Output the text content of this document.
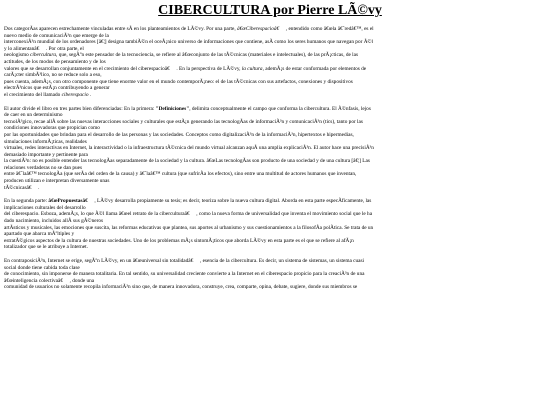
CIBERCULTURA por Pierre LÃ©vy
Dos categorÃas aparecen estrechamente vinculadas entre sÃ en los planteamientos de LÃ©vy. Por una parte, â€œCiberespacioâ€     , entendido como â€œla â€˜redâ€™, es el
nuevo medio de comunicaciÃ³n que emerge de la
interconexiÃ³n mundial de los ordenadores [â€¦] designa tambiÃ©n el oceÃ¡nico universo de informaciones que contiene, asÃ como los seres humanos que navegan por Ã©l
y lo alimentanâ€     . Por otra parte, el
neologismo cibercultura, que, segÃºn este pensador de la tecnociencia, se refiere al â€œconjunto de las tÃ©cnicas (materiales e intelectuales), de las prÃ¡cticas, de las
actitudes, de los modos de pensamiento y de los
valores que se desarrollan conjuntamente en el crecimiento del ciberespacioâ€     . En la perspectiva de LÃ©vy, la cultura, ademÃ¡s de estar conformada por elementos de
carÃ¡cter simbÃ³lico, no se reduce solo a eso,
pues cuenta, ademÃ¡s, con otro componente que tiene enorme valor en el mundo contemporÃ¡neo: el de las tÃ©cnicas con sus artefactos, conexiones y dispositivos
electrÃ³nicos que estÃ¡n contribuyendo a generar
el crecimiento del llamado ciberespacio .
El autor divide el libro en tres partes bien diferenciadas: En la primera: "Definiciones", delimita conceptualmente el campo que conforma la cibercultura. El Ã©nfasis, lejos
de caer en un determinismo
tecnolÃ³gico, recae allÃ sobre las nuevas interacciones sociales y culturales que estÃ¡n generando las tecnologÃas de informaciÃ³n y comunicaciÃ³n (tics), tanto por las
condiciones innovadoras que propician como
por las oportunidades que brindan para el desarrollo de las personas y las sociedades. Conceptos como digitalizaciÃ³n de la informaciÃ³n, hipertextos e hipermedias,
simulaciones informÃ¡ticas, realidades
virtuales, redes interactivas en Internet, la interactividad o la infraestructura tÃ©cnica del mundo virtual alcanzan aquÃ una amplia explicaciÃ³n. El autor hace una precisiÃ³n
demasiado importante y pertinente para
la cuestiÃ³n: no es posible entender las tecnologÃas separadamente de la sociedad y la cultura. â€œLas tecnologÃas son producto de una sociedad y de una cultura [â€¦] Las
relaciones verdaderas no se dan pues
entre â€˜laâ€™ tecnologÃa (que serÃa del orden de la causa) y â€˜laâ€™ cultura (que sufrirÃa los efectos), sino entre una multitud de actores humanos que inventan,
producen utilizan e interpretan diversamente unas
tÃ©cnicasâ€     .
En la segunda parte: â€œPropuestasâ€     , LÃ©vy desarrolla propiamente su tesis; es decir, teoriza sobre la nueva cultura digital. Aborda en esta parte especÃficamente, las
implicaciones culturales del desarrollo
del ciberespacio. Esboza, ademÃ¡s, lo que Ã©l llama â€œel retrato de la ciberculturaâ€     , como la nueva forma de universalidad que inventa el movimiento social que le ha
dado nacimiento, incluidos allÃ sus gÃ©neros
artÃsticos y musicales, las emociones que suscita, las reformas educativas que plantea, sus aportes al urbanismo y sus cuestionamientos a la filosofÃa polÃtica. Se trata de un
apartado que abarca mÃºltiples y
estratÃ©gicos aspectos de la cultura de nuestras sociedades. Uno de los problemas mÃ¡s sintomÃ¡ticos que aborda LÃ©vy en esta parte es el que se refiere al afÃ¡n
totalizador que se le atribuye a Internet.
En contraposiciÃ³n, Internet se erige, segÃºn LÃ©vy, en un â€œuniversal sin totalidadâ€     , esencia de la cibercultura. Es decir, un sistema de sistemas, un sistema cuasi
social donde tiene cabida toda clase
de conocimiento, sin imponerse de manera totalitaria. En tal sentido, su universalidad creciente convierte a la Internet en el ciberespacio propicio para la creaciÃ³n de una
â€œinteligencia colectivaâ€     , donde una
comunidad de usuarios no solamente recopila informaciÃ³n sino que, de manera innovadora, construye, crea, comparte, opina, debate, sugiere, donde sus miembros se
